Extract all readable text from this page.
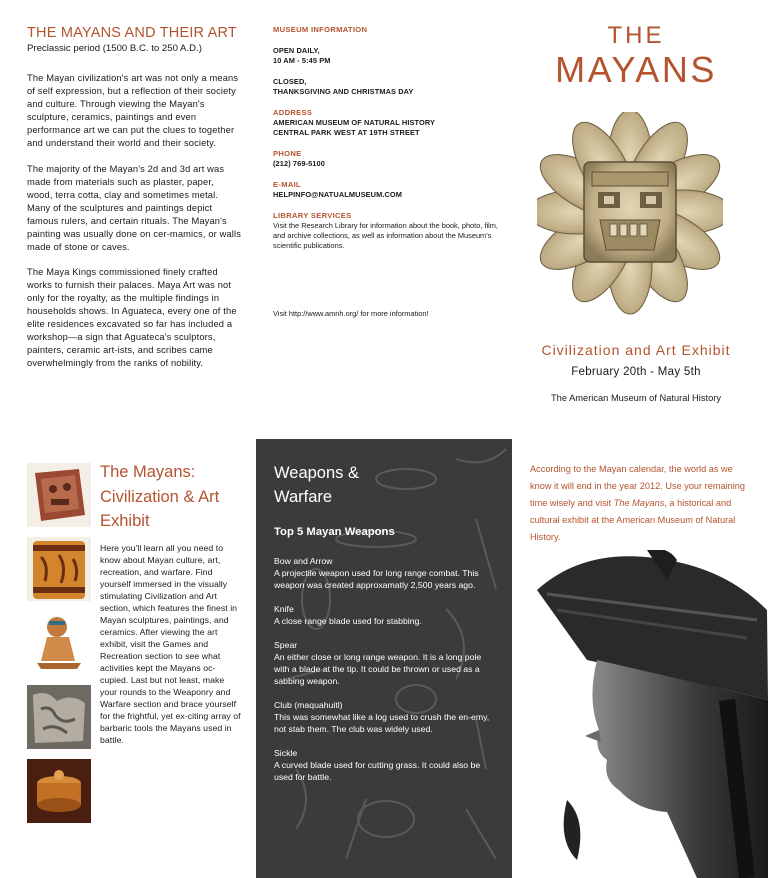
THE MAYANS AND THEIR ART
Preclassic period (1500 B.C. to 250 A.D.)

The Mayan civilization's art was not only a means of self expression, but a reflection of their society and culture. Through viewing the Mayan's sculpture, ceramics, paintings and even performance art we can put the clues to together and understand their world and their society.

The majority of the Mayan's 2d and 3d art was made from materials such as plaster, paper, wood, terra cotta, clay and sometimes metal. Many of the sculptures and paintings depict famous rulers, and certain rituals. The Mayan's painting was usually done on cer-mamics, or walls made of stone or caves.

The Maya Kings commissioned finely crafted works to furnish their palaces. Maya Art was not only for the royalty, as the multiple findings in households shows. In Aguateca, every one of the elite residences excavated so far has included a workshop—a sign that Aguateca's sculptors, painters, ceramic art-ists, and scribes came overwhelmingly from the ranks of nobility.

MUSEUM INFORMATION
OPEN DAILY,
10 AM - 5:45 PM
CLOSED,
THANKSGIVING AND CHRISTMAS DAY
ADDRESS
AMERICAN MUSEUM OF NATURAL HISTORY
CENTRAL PARK WEST AT 19TH STREET
PHONE
(212) 769-5100
E-MAIL
HELPINFO@NATUALMUSEUM.COM
LIBRARY SERVICES
Visit the Research Library for information about the book, photo, film, and archive collections, as well as information about the Museum's scientific publications.
Visit http://www.amnh.org/ for more information!
THE
MAYANS
Civilization and Art Exhibit
February 20th - May 5th
The American Museum of Natural History
The Mayans:
Civilization & Art
Exhibit

Here you'll learn all you need to know about Mayan culture, art, recreation, and warfare. Find yourself immersed in the visually stimulating Civilization and Art section, which features the finest in Mayan sculptures, paintings, and ceramics. After viewing the art exhibit, visit the Games and Recreation section to see what activities kept the Mayans oc-cupied. Last but not least, make your rounds to the Weaponry and Warfare section and brace yourself for the frightful, yet ex-citing array of barbaric tools the Mayans used in battle.

Weapons &
Warfare
Top 5 Mayan Weapons
Bow and Arrow
A projectile weapon used for long range combat. This weapon was created approxamatly 2,500 years ago.
Knife
A close range blade used for stabbing.
Spear
An either close or long range weapon. It is a long pole with a blade at the tip. It could be thrown or used as a sabbing weapon.
Club (maquahuitl)
This was somewhat like a log used to crush the en-emy, not stab them. The club was widely used.
Sickle
A curved blade used for cutting grass. It could also be used for battle.
According to the Mayan calendar, the world as we know it will end in the year 2012. Use your remaining time wisely and visit The Mayans, a historical and cultural exhibit at the American Museum of Natural History.
